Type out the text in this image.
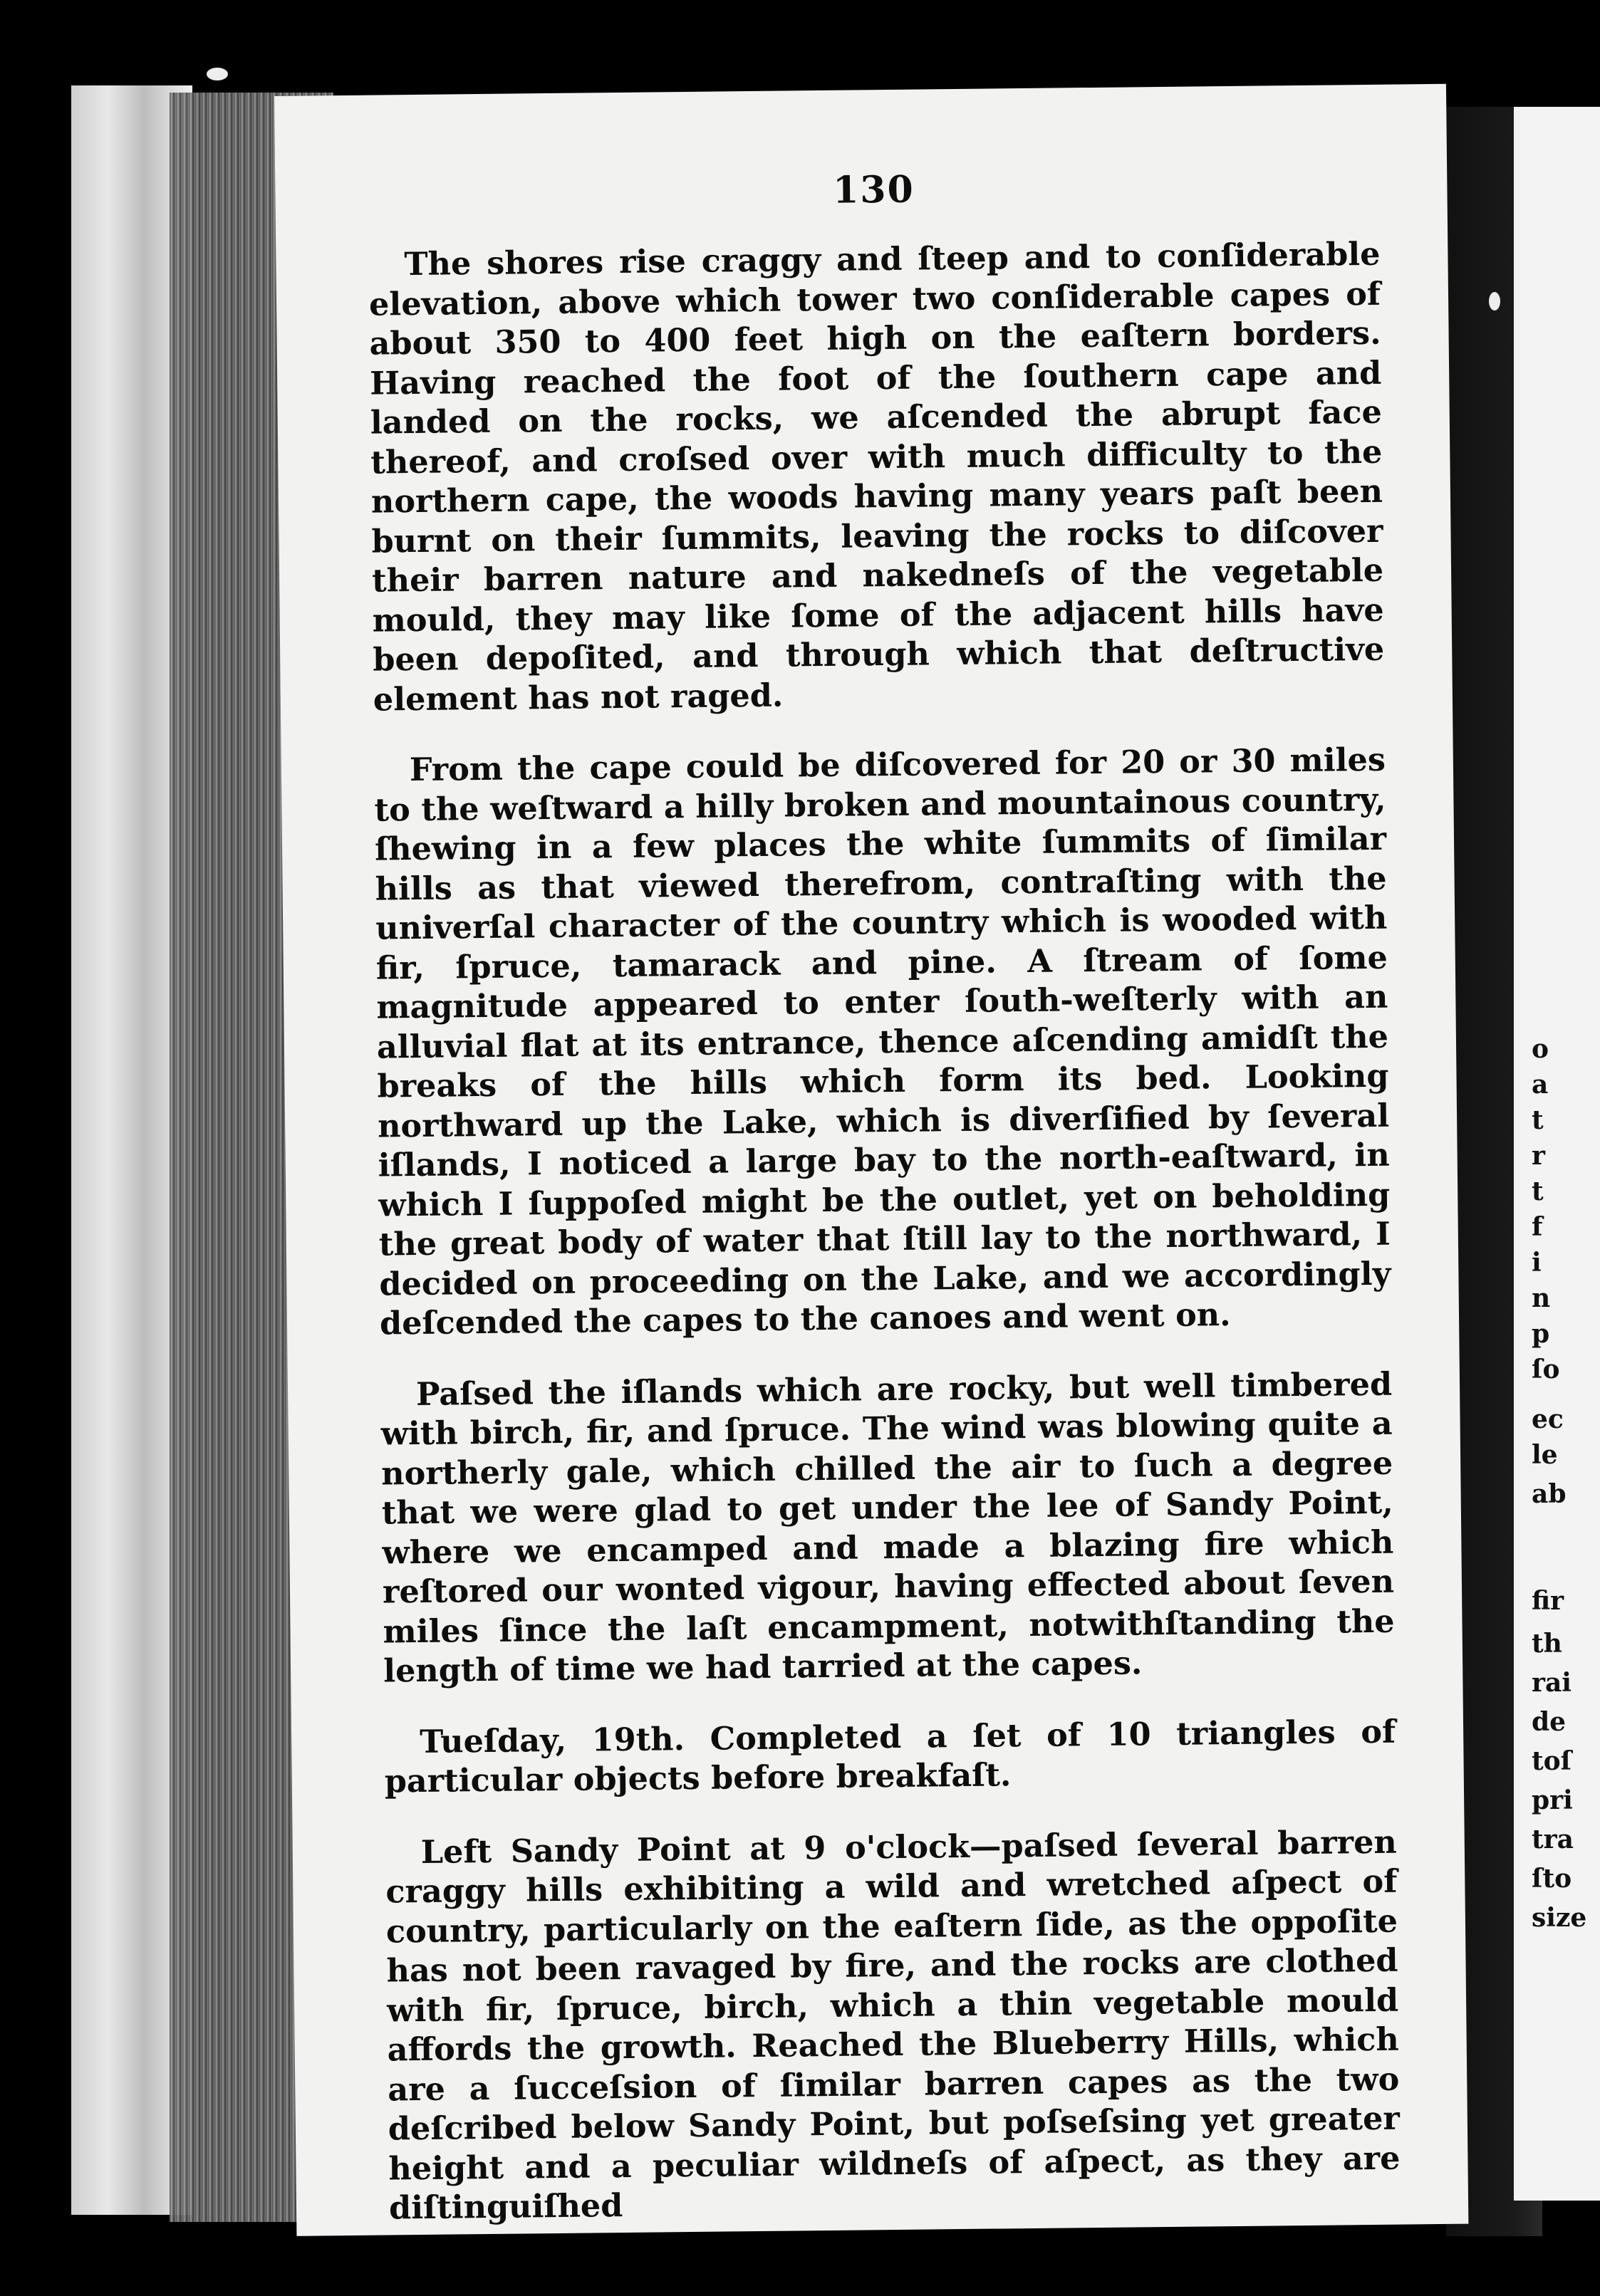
o
a
t
r
t
f
i
n
p
ſo
ec
le
ab
fir
th
rai
de
toſ
pri
tra
ſto
size
130

The shores rise craggy and ſteep and to conſiderable elevation, above which tower two conſiderable capes of about 350 to 400 feet high on the eaſtern borders. Having reached the foot of the ſouthern cape and landed on the rocks, we aſcended the abrupt face thereof, and croſsed over with much difficulty to the northern cape, the woods having many years paſt been burnt on their ſummits, leaving the rocks to diſcover their barren nature and nakedneſs of the vegetable mould, they may like ſome of the adjacent hills have been depoſited, and through which that deſtructive element has not raged.

From the cape could be diſcovered for 20 or 30 miles to the weſtward a hilly broken and mountainous country, ſhewing in a few places the white ſummits of ſimilar hills as that viewed therefrom, contraſting with the univerſal character of the country which is wooded with fir, ſpruce, tamarack and pine. A ſtream of ſome magnitude appeared to enter ſouth-weſterly with an alluvial flat at its entrance, thence aſcending amidſt the breaks of the hills which form its bed. Looking northward up the Lake, which is diverſified by ſeveral iſlands, I noticed a large bay to the north-eaſtward, in which I ſuppoſed might be the outlet, yet on beholding the great body of water that ſtill lay to the northward, I decided on proceeding on the Lake, and we accordingly deſcended the capes to the canoes and went on.

Paſsed the iſlands which are rocky, but well timbered with birch, fir, and ſpruce. The wind was blowing quite a northerly gale, which chilled the air to ſuch a degree that we were glad to get under the lee of Sandy Point, where we encamped and made a blazing fire which reſtored our wonted vigour, having effected about ſeven miles ſince the laſt encampment, notwithſtanding the length of time we had tarried at the capes.

Tueſday, 19th. Completed a ſet of 10 triangles of particular objects before breakfaſt.

Left Sandy Point at 9 o'clock—paſsed ſeveral barren craggy hills exhibiting a wild and wretched aſpect of country, particularly on the eaſtern ſide, as the oppoſite has not been ravaged by fire, and the rocks are clothed with fir, ſpruce, birch, which a thin vegetable mould affords the growth. Reached the Blueberry Hills, which are a ſucceſsion of ſimilar barren capes as the two deſcribed below Sandy Point, but poſseſsing yet greater height and a peculiar wildneſs of aſpect, as they are diſtinguiſhed
